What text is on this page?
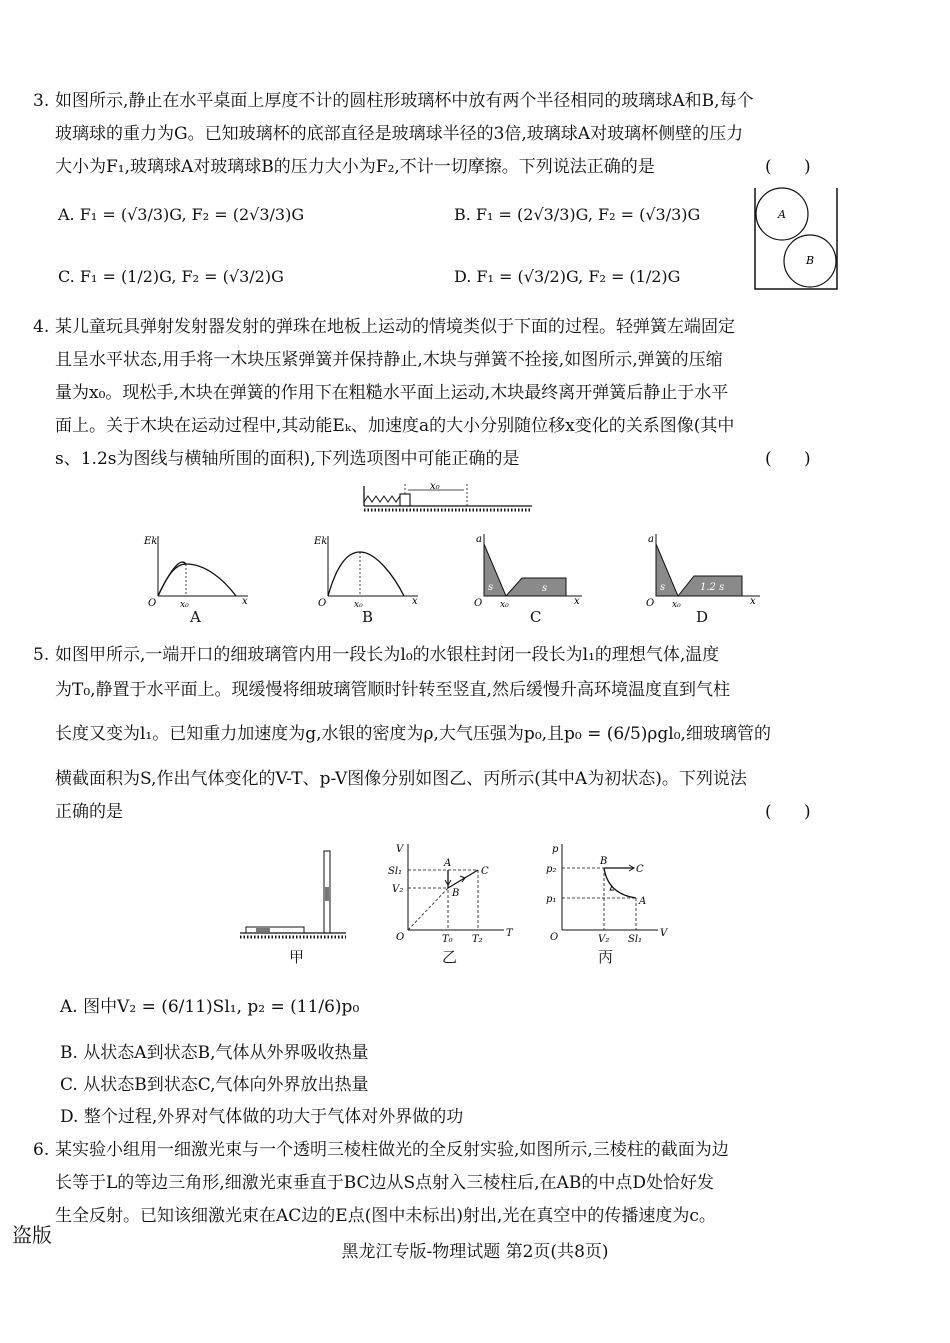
3. 如图所示,静止在水平桌面上厚度不计的圆柱形玻璃杯中放有两个半径相同的玻璃球A和B,每个
玻璃球的重力为G。已知玻璃杯的底部直径是玻璃球半径的3倍,玻璃球A对玻璃杯侧壁的压力
大小为F₁,玻璃球A对玻璃球B的压力大小为F₂,不计一切摩擦。下列说法正确的是	(      )
A. F₁ = (√3/3)G, F₂ = (2√3/3)G	B. F₁ = (2√3/3)G, F₂ = (√3/3)G
C. F₁ = (1/2)G, F₂ = (√3/2)G	D. F₁ = (√3/2)G, F₂ = (1/2)G
A
B
4. 某儿童玩具弹射发射器发射的弹珠在地板上运动的情境类似于下面的过程。轻弹簧左端固定
且呈水平状态,用手将一木块压紧弹簧并保持静止,木块与弹簧不拴接,如图所示,弹簧的压缩
量为x₀。现松手,木块在弹簧的作用下在粗糙水平面上运动,木块最终离开弹簧后静止于水平
面上。关于木块在运动过程中,其动能Eₖ、加速度a的大小分别随位移x变化的关系图像(其中
s、1.2s为图线与横轴所围的面积),下列选项图中可能正确的是	(      )
x₀
Ek
O	x₀	x
A
Ek
O	x₀	x
B
s	s
a
O x₀	x
C
s	1.2 s
a
O x₀	x
D
5. 如图甲所示,一端开口的细玻璃管内用一段长为l₀的水银柱封闭一段长为l₁的理想气体,温度
为T₀,静置于水平面上。现缓慢将细玻璃管顺时针转至竖直,然后缓慢升高环境温度直到气柱
长度又变为l₁。已知重力加速度为g,水银的密度为ρ,大气压强为p₀,且p₀ = (6/5)ρgl₀,细玻璃管的
横截面积为S,作出气体变化的V-T、p-V图像分别如图乙、丙所示(其中A为初状态)。下列说法
正确的是	(      )
甲
V
T
O
Sl₁
V₂
T₀ T₂
A
B
C
乙
p
V
O
p₂
p₁
V₂ Sl₁
B
C
A
丙
A. 图中V₂ = (6/11)Sl₁, p₂ = (11/6)p₀
B. 从状态A到状态B,气体从外界吸收热量
C. 从状态B到状态C,气体向外界放出热量
D. 整个过程,外界对气体做的功大于气体对外界做的功
6. 某实验小组用一细激光束与一个透明三棱柱做光的全反射实验,如图所示,三棱柱的截面为边
长等于L的等边三角形,细激光束垂直于BC边从S点射入三棱柱后,在AB的中点D处恰好发
生全反射。已知该细激光束在AC边的E点(图中未标出)射出,光在真空中的传播速度为c。
盗版
黑龙江专版-物理试题 第2页(共8页)
